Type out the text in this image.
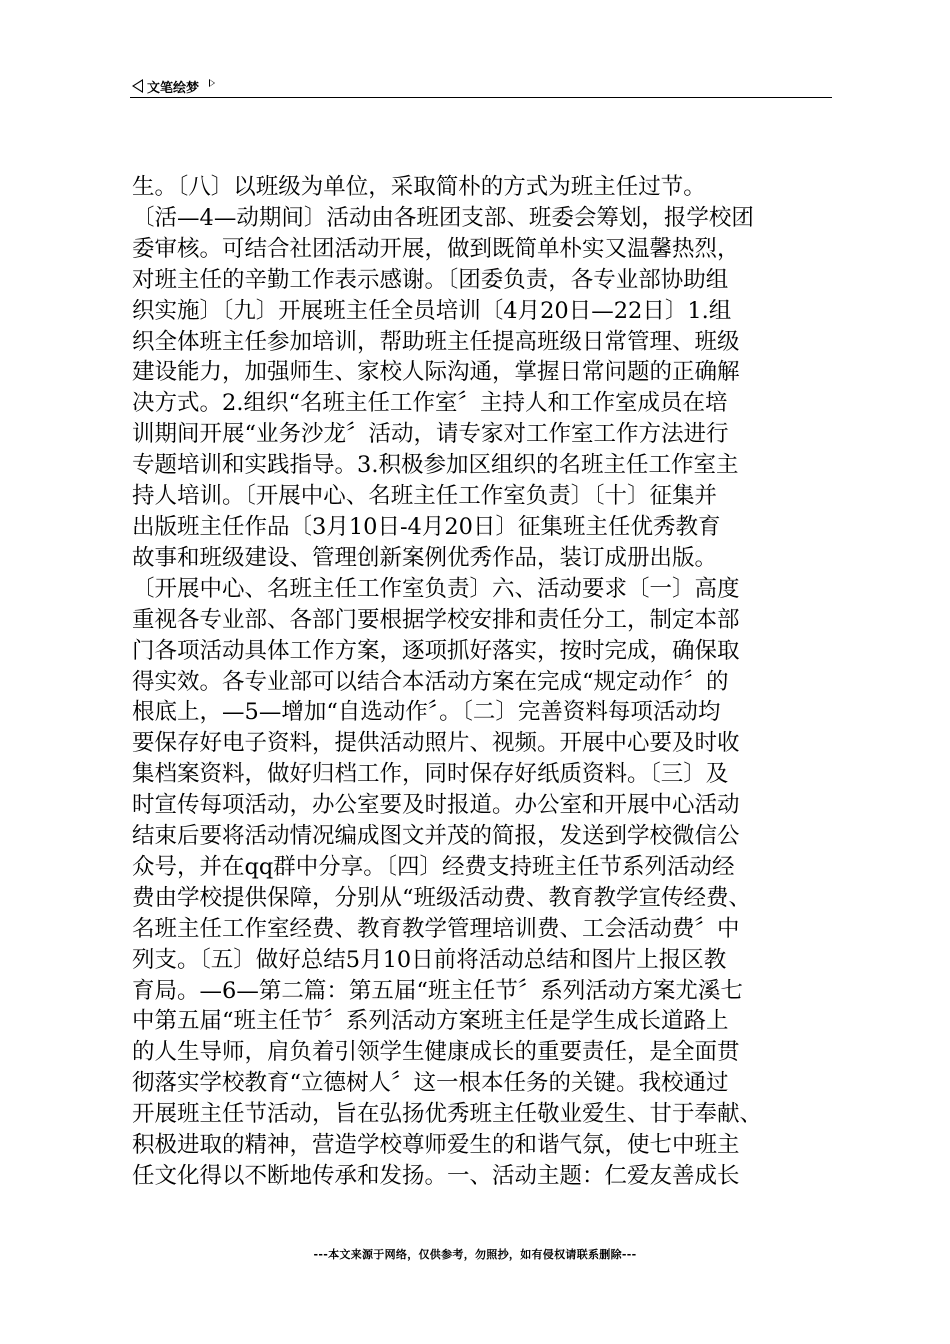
文笔绘梦
生。〔八〕以班级为单位，采取简朴的方式为班主任过节。
〔活—4—动期间〕活动由各班团支部、班委会筹划，报学校团
委审核。可结合社团活动开展，做到既简单朴实又温馨热烈，
对班主任的辛勤工作表示感谢。〔团委负责，各专业部协助组
织实施〕〔九〕开展班主任全员培训〔4月20日—22日〕1.组
织全体班主任参加培训，帮助班主任提高班级日常管理、班级
建设能力，加强师生、家校人际沟通，掌握日常问题的正确解
决方式。2.组织“名班主任工作室〞主持人和工作室成员在培
训期间开展“业务沙龙〞活动，请专家对工作室工作方法进行
专题培训和实践指导。3.积极参加区组织的名班主任工作室主
持人培训。〔开展中心、名班主任工作室负责〕〔十〕征集并
出版班主任作品〔3月10日-4月20日〕征集班主任优秀教育
故事和班级建设、管理创新案例优秀作品，装订成册出版。
〔开展中心、名班主任工作室负责〕六、活动要求〔一〕高度
重视各专业部、各部门要根据学校安排和责任分工，制定本部
门各项活动具体工作方案，逐项抓好落实，按时完成，确保取
得实效。各专业部可以结合本活动方案在完成“规定动作〞的
根底上，—5—增加“自选动作〞。〔二〕完善资料每项活动均
要保存好电子资料，提供活动照片、视频。开展中心要及时收
集档案资料，做好归档工作，同时保存好纸质资料。〔三〕及
时宣传每项活动，办公室要及时报道。办公室和开展中心活动
结束后要将活动情况编成图文并茂的简报，发送到学校微信公
众号，并在qq群中分享。〔四〕经费支持班主任节系列活动经
费由学校提供保障，分别从“班级活动费、教育教学宣传经费、
名班主任工作室经费、教育教学管理培训费、工会活动费〞中
列支。〔五〕做好总结5月10日前将活动总结和图片上报区教
育局。—6—第二篇：第五届“班主任节〞系列活动方案尤溪七
中第五届“班主任节〞系列活动方案班主任是学生成长道路上
的人生导师，肩负着引领学生健康成长的重要责任，是全面贯
彻落实学校教育“立德树人〞这一根本任务的关键。我校通过
开展班主任节活动，旨在弘扬优秀班主任敬业爱生、甘于奉献、
积极进取的精神，营造学校尊师爱生的和谐气氛，使七中班主
任文化得以不断地传承和发扬。一、活动主题：仁爱友善成长
---本文来源于网络，仅供参考，勿照抄，如有侵权请联系删除---
